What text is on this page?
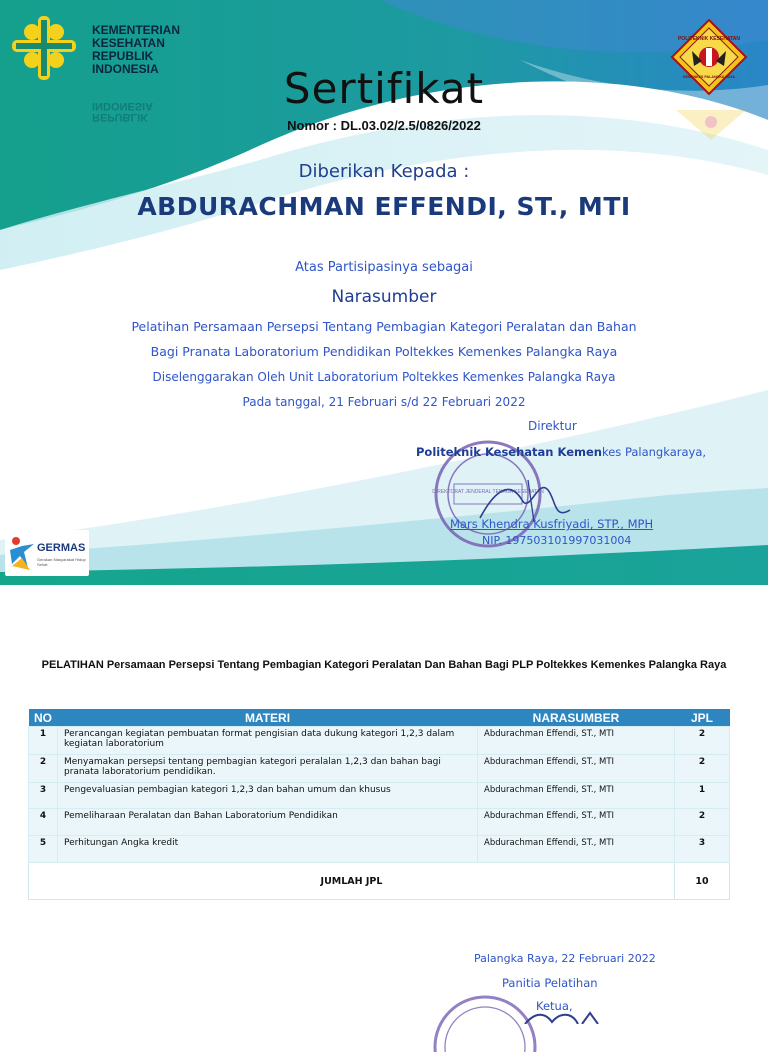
KEMENTERIAN
KESEHATAN
REPUBLIK
INDONESIA
REPUBLIK
INDONESIA
POLITEKNIK KESEHATAN
KEMENKES PALANGKA RAYA
Sertifikat
Nomor : DL.03.02/2.5/0826/2022
Diberikan Kepada :
ABDURACHMAN EFFENDI, ST., MTI
Atas Partisipasinya sebagai
Narasumber
Pelatihan Persamaan Persepsi Tentang Pembagian Kategori Peralatan dan Bahan
Bagi Pranata Laboratorium Pendidikan Poltekkes Kemenkes Palangka Raya
Diselenggarakan Oleh Unit Laboratorium Poltekkes Kemenkes Palangka Raya
Pada tanggal, 21 Februari s/d 22 Februari 2022
DIREKTORAT JENDERAL TENAGA KESEHATAN
Direktur
Politeknik Kesehatan Kemenkes Palangkaraya,
Mars Khendra Kusfriyadi, STP., MPH
NIP. 197503101997031004
GERMAS
Gerakan Masyarakat Hidup Sehat
PELATIHAN Persamaan Persepsi Tentang Pembagian Kategori Peralatan Dan Bahan Bagi PLP Poltekkes Kemenkes Palangka Raya
NO	MATERI	NARASUMBER	JPL
1	Perancangan kegiatan pembuatan format pengisian data dukung kategori 1,2,3 dalam kegiatan laboratorium	Abdurachman Effendi, ST., MTI	2
2	Menyamakan persepsi tentang pembagian kategori peralalan 1,2,3 dan bahan bagi pranata laboratorium pendidikan.	Abdurachman Effendi, ST., MTI	2
3	Pengevaluasian pembagian kategori 1,2,3 dan bahan umum dan khusus	Abdurachman Effendi, ST., MTI	1
4	Pemeliharaan Peralatan dan Bahan Laboratorium Pendidikan	Abdurachman Effendi, ST., MTI	2
5	Perhitungan Angka kredit	Abdurachman Effendi, ST., MTI	3
JUMLAH JPL			10
Palangka Raya, 22 Februari 2022
Panitia Pelatihan
Ketua,
